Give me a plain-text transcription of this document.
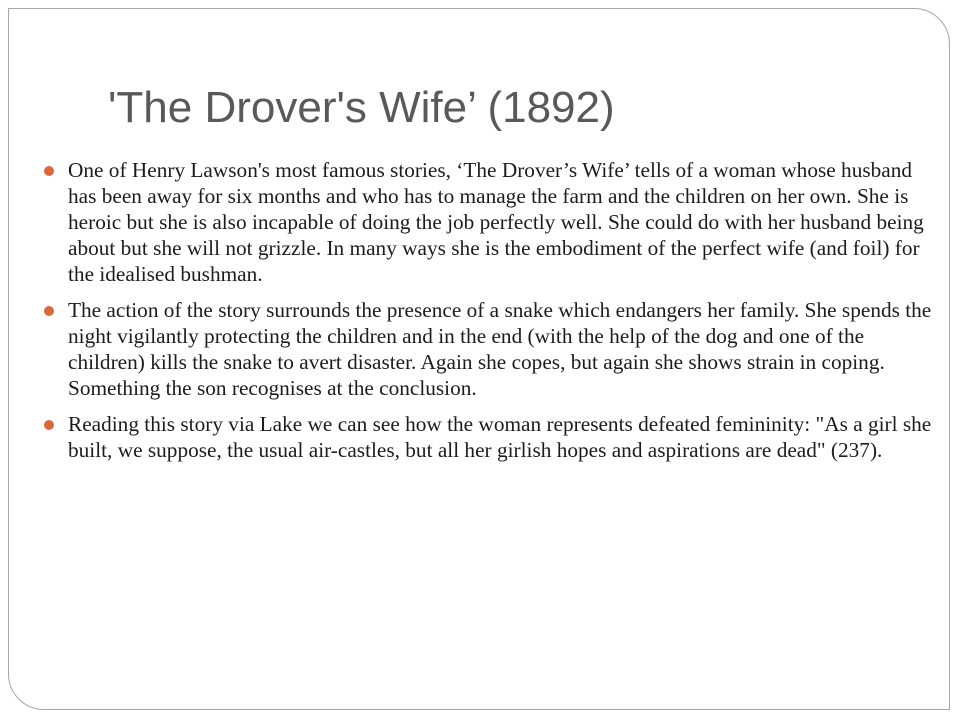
'The Drover's Wife’ (1892)
One of Henry Lawson's most famous stories, ‘The Drover’s Wife’ tells of a woman whose husband has been away for six months and who has to manage the farm and the children on her own. She is heroic but she is also incapable of doing the job perfectly well. She could do with her husband being about but she will not grizzle. In many ways she is the embodiment of the perfect wife (and foil) for the idealised bushman.
The action of the story surrounds the presence of a snake which endangers her family. She spends the night vigilantly protecting the children and in the end (with the help of the dog and one of the children) kills the snake to avert disaster. Again she copes, but again she shows strain in coping. Something the son recognises at the conclusion.
Reading this story via Lake we can see how the woman represents defeated femininity: "As a girl she built, we suppose, the usual air-castles, but all her girlish hopes and aspirations are dead" (237).
